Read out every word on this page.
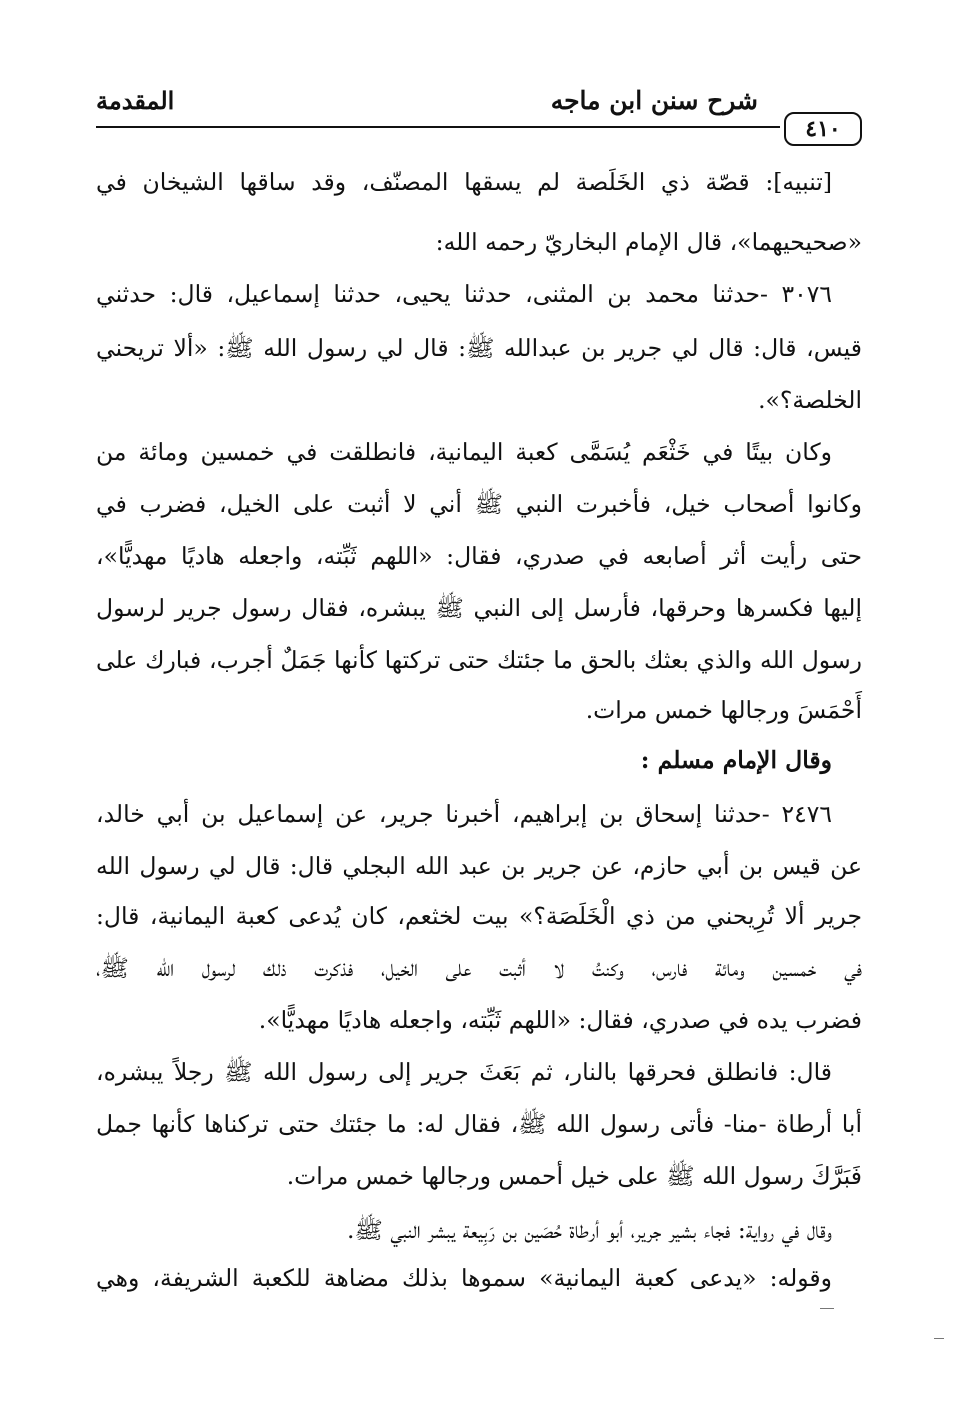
شرح سنن ابن ماجه
المقدمة
٤١٠
[تنبيه]: قصّة ذي الخَلَصة لم يسقها المصنّف، وقد ساقها الشيخان في
«صحيحيهما»، قال الإمام البخاريّ رحمه الله:
٣٠٧٦ -حدثنا محمد بن المثنى، حدثنا يحيى، حدثنا إسماعيل، قال: حدثني
قيس، قال: قال لي جرير بن عبدالله ﷺ: قال لي رسول الله ﷺ: «ألا تريحني
الخلصة؟».
وكان بيتًا في خَثْعَم يُسَمَّى كعبة اليمانية، فانطلقت في خمسين ومائة من
وكانوا أصحاب خيل، فأخبرت النبي ﷺ أني لا أثبت على الخيل، فضرب في
حتى رأيت أثر أصابعه في صدري، فقال: «اللهم ثَبِّته، واجعله هاديًا مهديًّا»،
إليها فكسرها وحرقها، فأرسل إلى النبي ﷺ يبشره، فقال رسول جرير لرسول
رسول الله والذي بعثك بالحق ما جئتك حتى تركتها كأنها جَمَلٌ أجرب، فبارك على
أَحْمَسَ ورجالها خمس مرات.
وقال الإمام مسلم :
٢٤٧٦ -حدثنا إسحاق بن إبراهيم، أخبرنا جرير، عن إسماعيل بن أبي خالد،
عن قيس بن أبي حازم، عن جرير بن عبد الله البجلي قال: قال لي رسول الله
جرير ألا تُرِيحني من ذي الْخَلَصَة؟» بيت لخثعم، كان يُدعى كعبة اليمانية، قال:
في خمسين ومائة فارس، وكنتُ لا أثبت على الخيل، فذكرت ذلك لرسول الله ﷺ،
فضرب يده في صدري، فقال: «اللهم ثَبِّته، واجعله هاديًا مهديًّا».
قال: فانطلق فحرقها بالنار، ثم بَعَثَ جرير إلى رسول الله ﷺ رجلاً يبشره،
أبا أرطاة -منا- فأتى رسول الله ﷺ، فقال له: ما جئتك حتى تركناها كأنها جمل
فَبَرَّكَ رسول الله ﷺ على خيل أحمس ورجالها خمس مرات.
وقال في رواية: فجاء بشير جرير، أبو أرطاة حُصَين بن رَبِيعة يبشر النبي ﷺ.
وقوله: «يدعى كعبة اليمانية» سموها بذلك مضاهة للكعبة الشريفة، وهي
